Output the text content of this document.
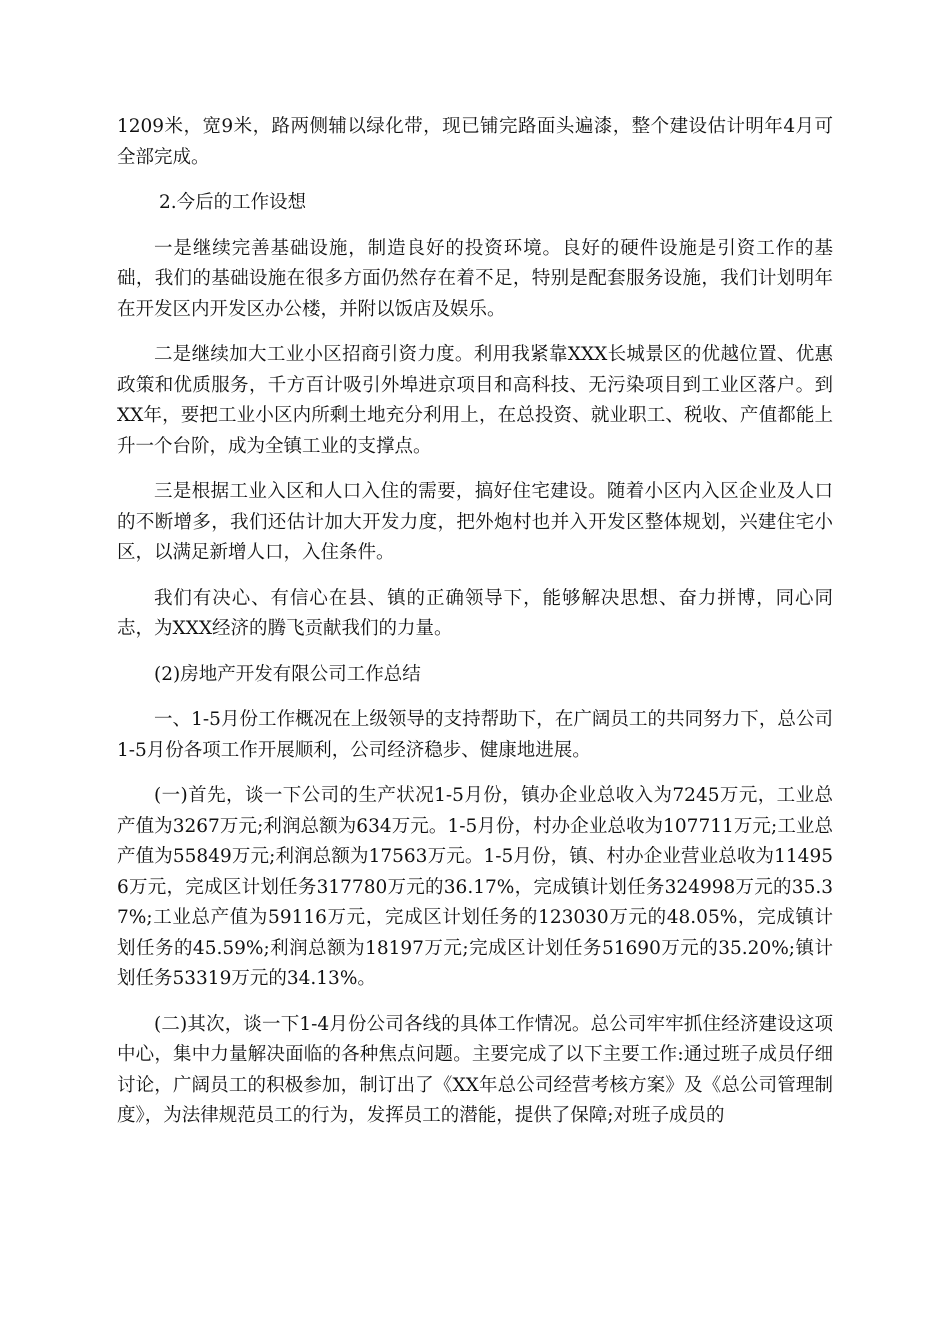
1209米，宽9米，路两侧辅以绿化带，现已铺完路面头遍漆，整个建设估计明年4月可全部完成。

2.今后的工作设想

一是继续完善基础设施，制造良好的投资环境。良好的硬件设施是引资工作的基础，我们的基础设施在很多方面仍然存在着不足，特别是配套服务设施，我们计划明年在开发区内开发区办公楼，并附以饭店及娱乐。

二是继续加大工业小区招商引资力度。利用我紧靠XXX长城景区的优越位置、优惠政策和优质服务，千方百计吸引外埠进京项目和高科技、无污染项目到工业区落户。到XX年，要把工业小区内所剩土地充分利用上，在总投资、就业职工、税收、产值都能上升一个台阶，成为全镇工业的支撑点。

三是根据工业入区和人口入住的需要，搞好住宅建设。随着小区内入区企业及人口的不断增多，我们还估计加大开发力度，把外炮村也并入开发区整体规划，兴建住宅小区，以满足新增人口，入住条件。

我们有决心、有信心在县、镇的正确领导下，能够解决思想、奋力拼博，同心同志，为XXX经济的腾飞贡献我们的力量。

(2)房地产开发有限公司工作总结

一、1-5月份工作概况在上级领导的支持帮助下，在广阔员工的共同努力下，总公司1-5月份各项工作开展顺利，公司经济稳步、健康地进展。

(一)首先，谈一下公司的生产状况1-5月份，镇办企业总收入为7245万元，工业总产值为3267万元;利润总额为634万元。1-5月份，村办企业总收为107711万元;工业总产值为55849万元;利润总额为17563万元。1-5月份，镇、村办企业营业总收为114956万元，完成区计划任务317780万元的36.17%，完成镇计划任务324998万元的35.37%;工业总产值为59116万元，完成区计划任务的123030万元的48.05%，完成镇计划任务的45.59%;利润总额为18197万元;完成区计划任务51690万元的35.20%;镇计划任务53319万元的34.13%。

(二)其次，谈一下1-4月份公司各线的具体工作情况。总公司牢牢抓住经济建设这项中心，集中力量解决面临的各种焦点问题。主要完成了以下主要工作:通过班子成员仔细讨论，广阔员工的积极参加，制订出了《XX年总公司经营考核方案》及《总公司管理制度》，为法律规范员工的行为，发挥员工的潜能，提供了保障;对班子成员的
